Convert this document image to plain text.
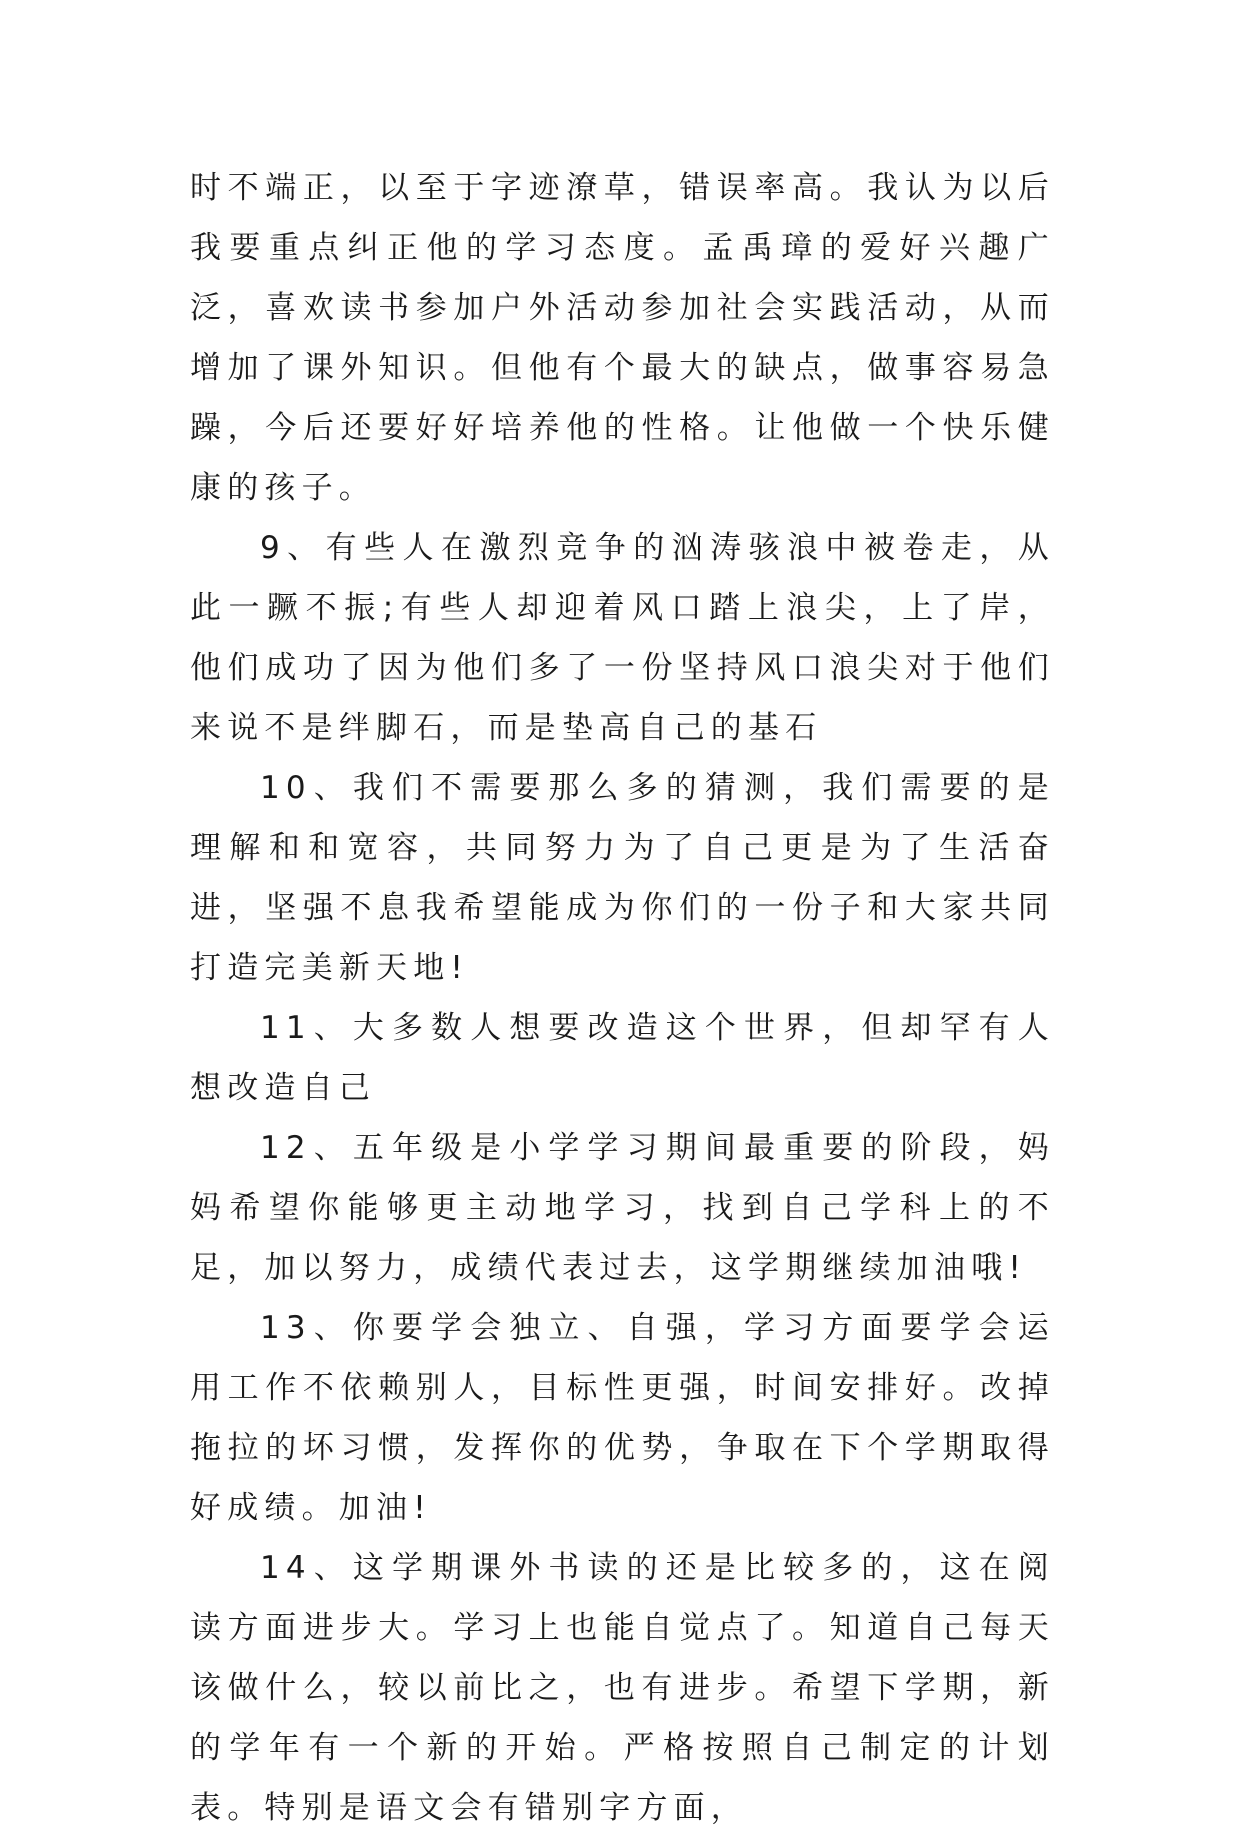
时不端正，以至于字迹潦草，错误率高。我认为以后我要重点纠正他的学习态度。孟禹璋的爱好兴趣广泛，喜欢读书参加户外活动参加社会实践活动，从而增加了课外知识。但他有个最大的缺点，做事容易急躁，今后还要好好培养他的性格。让他做一个快乐健康的孩子。

9、有些人在激烈竞争的汹涛骇浪中被卷走，从此一蹶不振;有些人却迎着风口踏上浪尖，上了岸，他们成功了因为他们多了一份坚持风口浪尖对于他们来说不是绊脚石，而是垫高自己的基石

10、我们不需要那么多的猜测，我们需要的是理解和和宽容，共同努力为了自己更是为了生活奋进，坚强不息我希望能成为你们的一份子和大家共同打造完美新天地!

11、大多数人想要改造这个世界，但却罕有人想改造自己

12、五年级是小学学习期间最重要的阶段，妈妈希望你能够更主动地学习，找到自己学科上的不足，加以努力，成绩代表过去，这学期继续加油哦!

13、你要学会独立、自强，学习方面要学会运用工作不依赖别人，目标性更强，时间安排好。改掉拖拉的坏习惯，发挥你的优势，争取在下个学期取得好成绩。加油!

14、这学期课外书读的还是比较多的，这在阅读方面进步大。学习上也能自觉点了。知道自己每天该做什么，较以前比之，也有进步。希望下学期，新的学年有一个新的开始。严格按照自己制定的计划表。特别是语文会有错别字方面，
